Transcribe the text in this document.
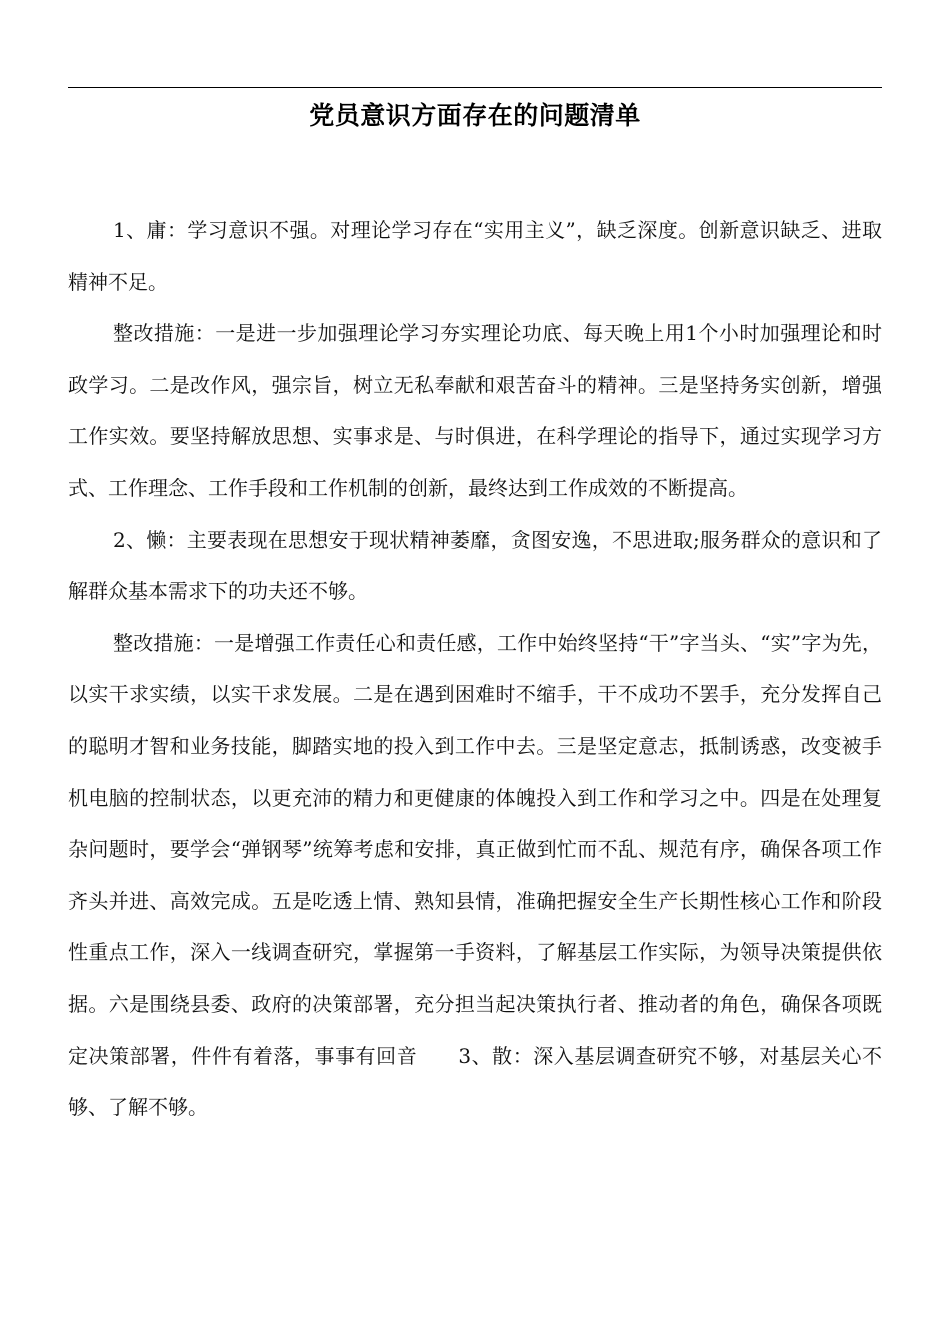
党员意识方面存在的问题清单

1、庸：学习意识不强。对理论学习存在“实用主义”，缺乏深度。创新意识缺乏、进取精神不足。

整改措施：一是进一步加强理论学习夯实理论功底、每天晚上用1个小时加强理论和时政学习。二是改作风，强宗旨，树立无私奉献和艰苦奋斗的精神。三是坚持务实创新，增强工作实效。要坚持解放思想、实事求是、与时俱进，在科学理论的指导下，通过实现学习方式、工作理念、工作手段和工作机制的创新，最终达到工作成效的不断提高。

2、懒：主要表现在思想安于现状精神萎靡，贪图安逸，不思进取;服务群众的意识和了解群众基本需求下的功夫还不够。

整改措施：一是增强工作责任心和责任感，工作中始终坚持“干”字当头、“实”字为先，以实干求实绩，以实干求发展。二是在遇到困难时不缩手，干不成功不罢手，充分发挥自己的聪明才智和业务技能，脚踏实地的投入到工作中去。三是坚定意志，抵制诱惑，改变被手机电脑的控制状态，以更充沛的精力和更健康的体魄投入到工作和学习之中。四是在处理复杂问题时，要学会“弹钢琴”统筹考虑和安排，真正做到忙而不乱、规范有序，确保各项工作齐头并进、高效完成。五是吃透上情、熟知县情，准确把握安全生产长期性核心工作和阶段性重点工作，深入一线调查研究，掌握第一手资料，了解基层工作实际，为领导决策提供依据。六是围绕县委、政府的决策部署，充分担当起决策执行者、推动者的角色，确保各项既定决策部署，件件有着落，事事有回音　　3、散：深入基层调查研究不够，对基层关心不够、了解不够。
